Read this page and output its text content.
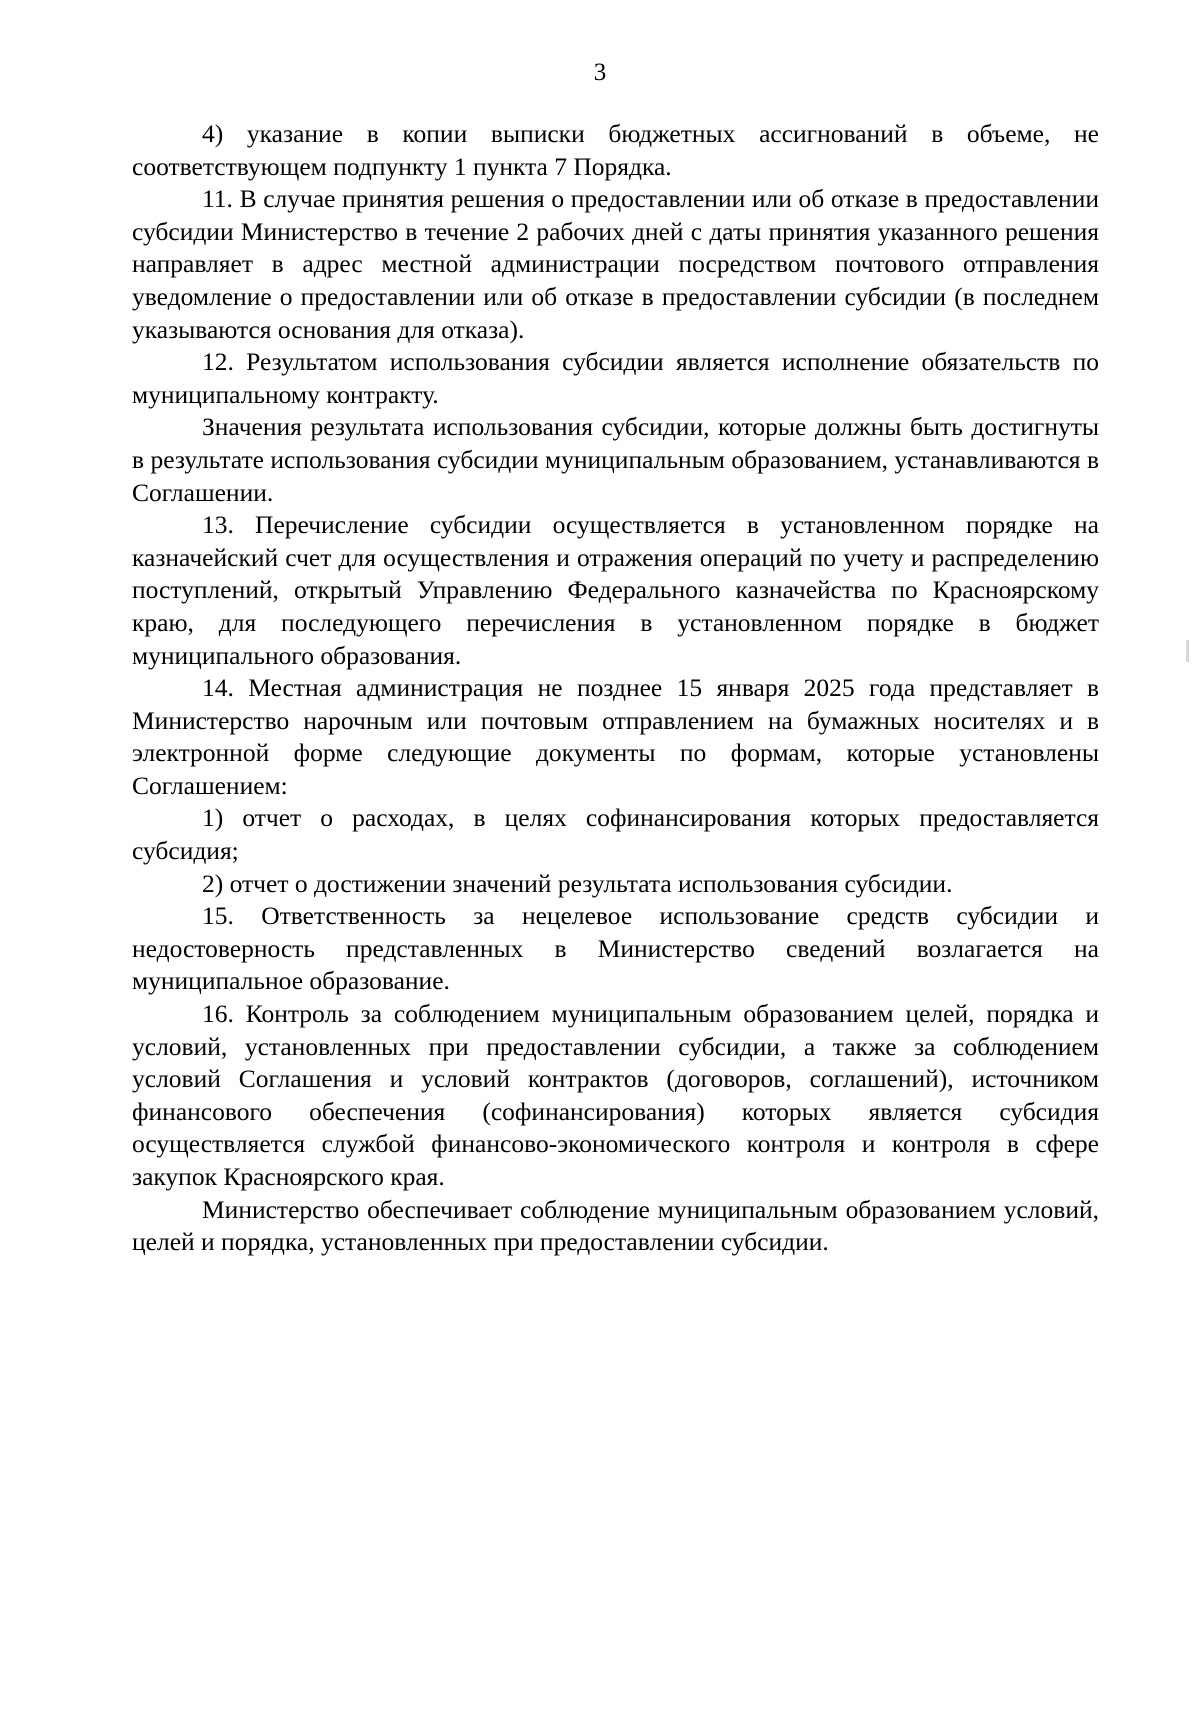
3

4) указание в копии выписки бюджетных ассигнований в объеме, не соответствующем подпункту 1 пункта 7 Порядка.

11. В случае принятия решения о предоставлении или об отказе в предоставлении субсидии Министерство в течение 2 рабочих дней с даты принятия указанного решения направляет в адрес местной администрации посредством почтового отправления уведомление о предоставлении или об отказе в предоставлении субсидии (в последнем указываются основания для отказа).

12. Результатом использования субсидии является исполнение обязательств по муниципальному контракту.

Значения результата использования субсидии, которые должны быть достигнуты в результате использования субсидии муниципальным образованием, устанавливаются в Соглашении.

13. Перечисление субсидии осуществляется в установленном порядке на казначейский счет для осуществления и отражения операций по учету и распределению поступлений, открытый Управлению Федерального казначейства по Красноярскому краю, для последующего перечисления в установленном порядке в бюджет муниципального образования.

14. Местная администрация не позднее 15 января 2025 года представляет в Министерство нарочным или почтовым отправлением на бумажных носителях и в электронной форме следующие документы по формам, которые установлены Соглашением:

1) отчет о расходах, в целях софинансирования которых предоставляется субсидия;

2) отчет о достижении значений результата использования субсидии.

15. Ответственность за нецелевое использование средств субсидии и недостоверность представленных в Министерство сведений возлагается на муниципальное образование.

16. Контроль за соблюдением муниципальным образованием целей, порядка и условий, установленных при предоставлении субсидии, а также за соблюдением условий Соглашения и условий контрактов (договоров, соглашений), источником финансового обеспечения (софинансирования) которых является субсидия осуществляется службой финансово-экономического контроля и контроля в сфере закупок Красноярского края.

Министерство обеспечивает соблюдение муниципальным образованием условий, целей и порядка, установленных при предоставлении субсидии.
